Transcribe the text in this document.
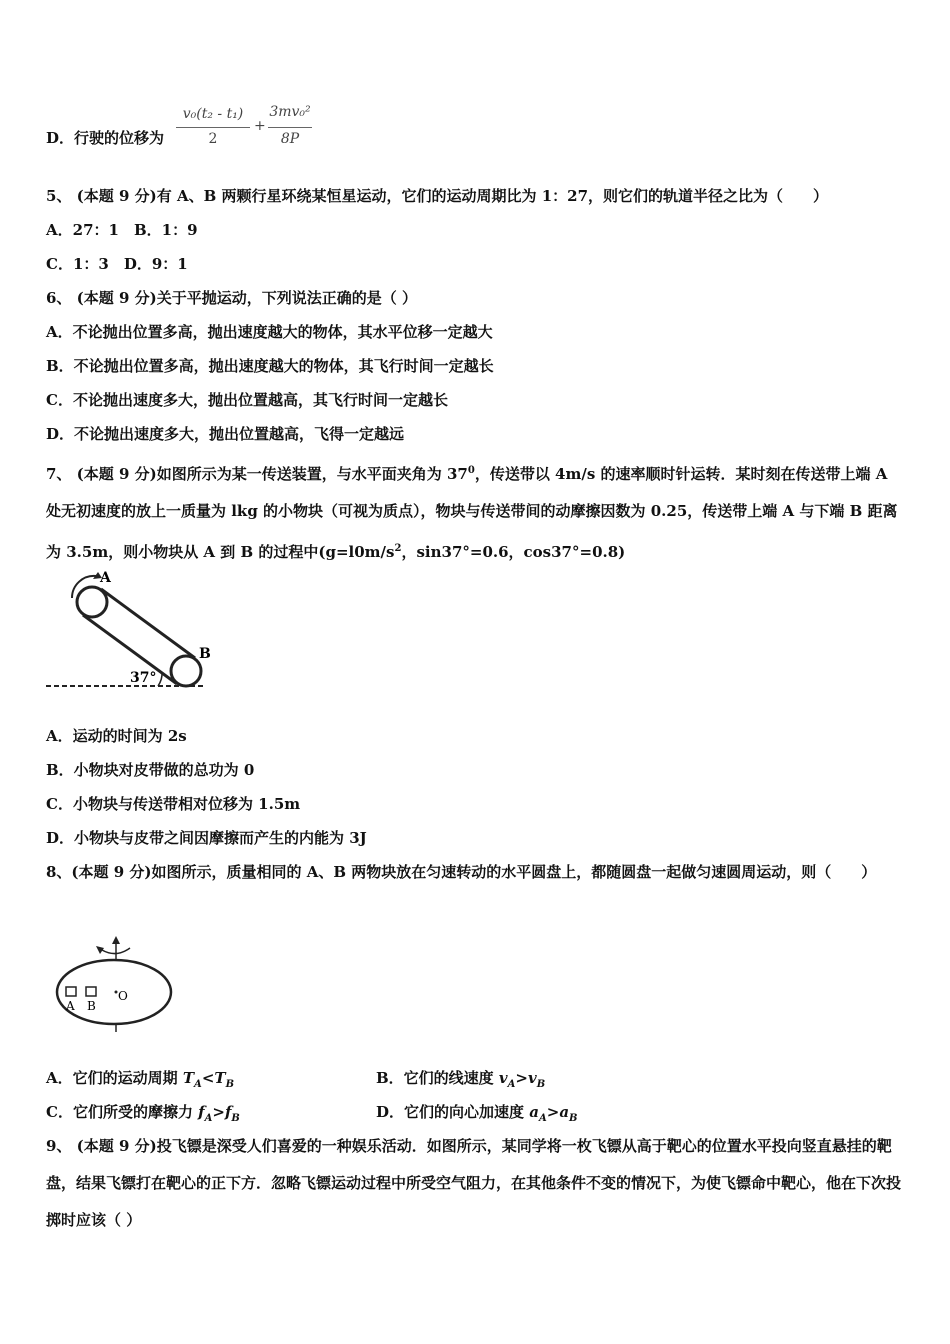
D．行驶的位移为
v₀(t₂ - t₁)
2
+
3mv₀²
8P
5、 (本题 9 分)有 A、B 两颗行星环绕某恒星运动，它们的运动周期比为 1：27，则它们的轨道半径之比为（　　）
A．27：1　B．1：9
C．1：3　D．9：1
6、 (本题 9 分)关于平抛运动，下列说法正确的是（ ）
A．不论抛出位置多高，抛出速度越大的物体，其水平位移一定越大
B．不论抛出位置多高，抛出速度越大的物体，其飞行时间一定越长
C．不论抛出速度多大，抛出位置越高，其飞行时间一定越长
D．不论抛出速度多大，抛出位置越高，飞得一定越远
7、 (本题 9 分)如图所示为某一传送装置，与水平面夹角为 $37^0$，传送带以 4m/s 的速率顺时针运转．某时刻在传送带上端 A 处无初速度的放上一质量为 lkg 的小物块（可视为质点），物块与传送带间的动摩擦因数为 0.25，传送带上端 A 与下端 B 距离为 3.5m，则小物块从 A 到 B 的过程中($g=l0m/s^2$，sin37°=0.6，cos37°=0.8)
A
B
37°
A．运动的时间为 2s
B．小物块对皮带做的总功为 0
C．小物块与传送带相对位移为 1.5m
D．小物块与皮带之间因摩擦而产生的内能为 3J
8、(本题 9 分)如图所示，质量相同的 A、B 两物块放在匀速转动的水平圆盘上，都随圆盘一起做匀速圆周运动，则（　　）
A B
O
A．它们的运动周期 $T_A<T_B$	B．它们的线速度 $v_A>v_B$
C．它们所受的摩擦力 $f_A>f_B$	D．它们的向心加速度 $a_A>a_B$
9、 (本题 9 分)投飞镖是深受人们喜爱的一种娱乐活动．如图所示，某同学将一枚飞镖从高于靶心的位置水平投向竖直悬挂的靶盘，结果飞镖打在靶心的正下方．忽略飞镖运动过程中所受空气阻力，在其他条件不变的情况下，为使飞镖命中靶心，他在下次投掷时应该（ ）
